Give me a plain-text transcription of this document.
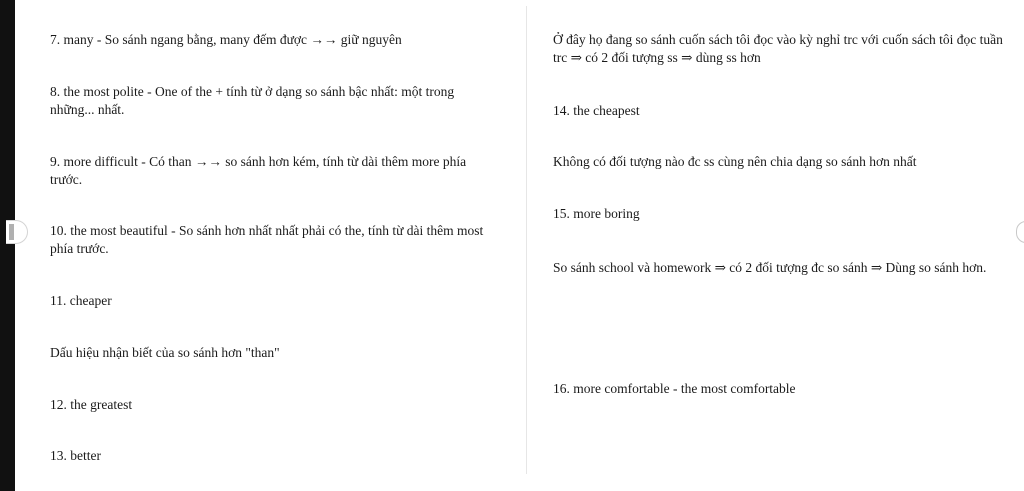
7. many - So sánh ngang bằng, many đếm được →→ giữ nguyên

8. the most polite - One of the + tính từ ở dạng so sánh bậc nhất: một trong những... nhất.

9. more difficult - Có than →→ so sánh hơn kém, tính từ dài thêm more phía trước.

10. the most beautiful - So sánh hơn nhất nhất phải có the, tính từ dài thêm most phía trước.

11. cheaper

Dấu hiệu nhận biết của so sánh hơn "than"

12. the greatest

13. better

Ở đây họ đang so sánh cuốn sách tôi đọc vào kỳ nghỉ trc với cuốn sách tôi đọc tuần trc ⇒ có 2 đối tượng ss ⇒ dùng ss hơn

14. the cheapest

Không có đối tượng nào đc ss cùng nên chia dạng so sánh hơn nhất

15. more boring

So sánh school và homework ⇒ có 2 đối tượng đc so sánh ⇒ Dùng so sánh hơn.

16. more comfortable - the most comfortable
